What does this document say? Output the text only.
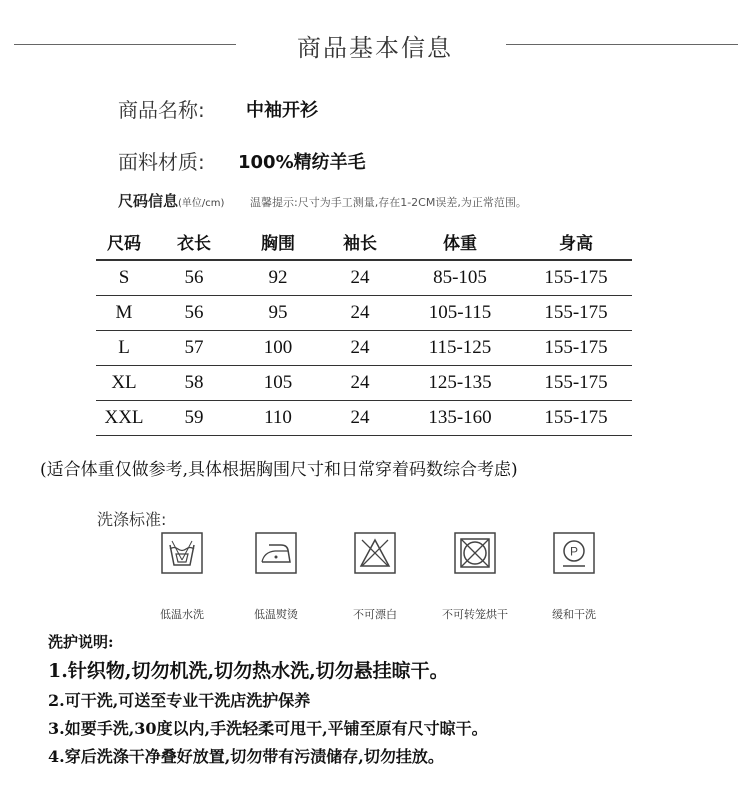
商品基本信息
商品名称: 中袖开衫
面料材质: 100%精纺羊毛
尺码信息(单位/cm) 温馨提示:尺寸为手工测量,存在1-2CM误差,为正常范围。
尺码	衣长	胸围	袖长	体重	身高
S	56	92	24	85-105	155-175
M	56	95	24	105-115	155-175
L	57	100	24	115-125	155-175
XL	58	105	24	125-135	155-175
XXL	59	110	24	135-160	155-175
(适合体重仅做参考,具体根据胸围尺寸和日常穿着码数综合考虑)
洗涤标准:
P
低温水洗	低温熨烫	不可漂白	不可转笼烘干	缓和干洗
洗护说明:
1.针织物,切勿机洗,切勿热水洗,切勿悬挂晾干。
2.可干洗,可送至专业干洗店洗护保养
3.如要手洗,30度以内,手洗轻柔可甩干,平铺至原有尺寸晾干。
4.穿后洗涤干净叠好放置,切勿带有污渍储存,切勿挂放。
